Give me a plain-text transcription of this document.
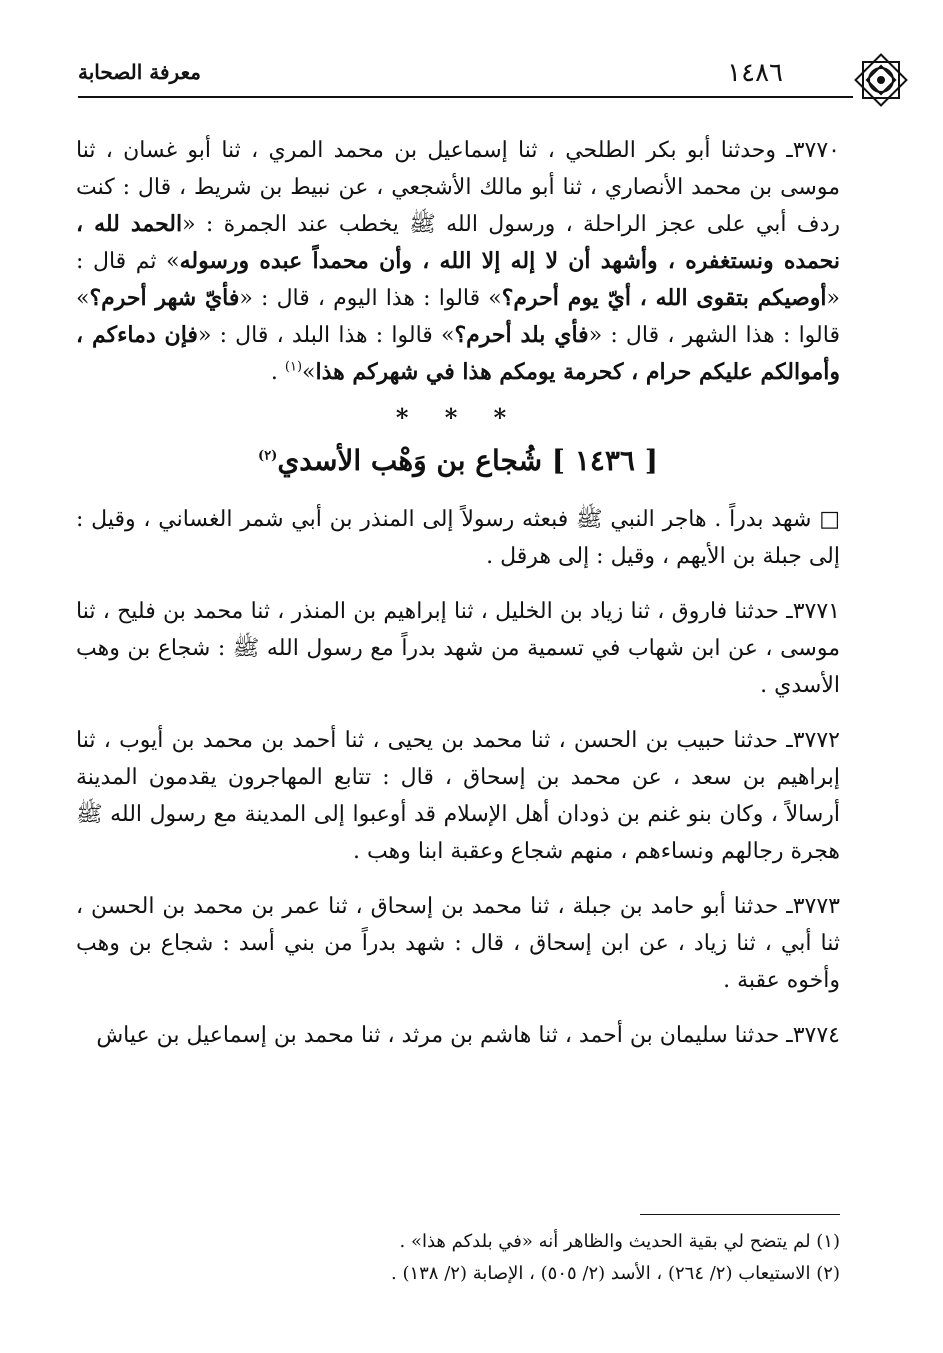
١٤٨٦
معرفة الصحابة

٣٧٧٠ـ وحدثنا أبو بكر الطلحي ، ثنا إسماعيل بن محمد المري ، ثنا أبو غسان ، ثنا موسى بن محمد الأنصاري ، ثنا أبو مالك الأشجعي ، عن نبيط بن شريط ، قال : كنت ردف أبي على عجز الراحلة ، ورسول الله ﷺ يخطب عند الجمرة : «الحمد لله ، نحمده ونستغفره ، وأشهد أن لا إله إلا الله ، وأن محمداً عبده ورسوله» ثم قال : «أوصيكم بتقوى الله ، أيّ يوم أحرم؟» قالوا : هذا اليوم ، قال : «فأيّ شهر أحرم؟» قالوا : هذا الشهر ، قال : «فأي بلد أحرم؟» قالوا : هذا البلد ، قال : «فإن دماءكم ، وأموالكم عليكم حرام ، كحرمة يومكم هذا في شهركم هذا»$^{(١)}$ .

* * *
[ ١٤٣٦ ] شُجاع بن وَهْب الأسدي$^{(٢)}$

□ شهد بدراً . هاجر النبي ﷺ فبعثه رسولاً إلى المنذر بن أبي شمر الغساني ، وقيل : إلى جبلة بن الأيهم ، وقيل : إلى هرقل .

٣٧٧١ـ حدثنا فاروق ، ثنا زياد بن الخليل ، ثنا إبراهيم بن المنذر ، ثنا محمد بن فليح ، ثنا موسى ، عن ابن شهاب في تسمية من شهد بدراً مع رسول الله ﷺ : شجاع بن وهب الأسدي .

٣٧٧٢ـ حدثنا حبيب بن الحسن ، ثنا محمد بن يحيى ، ثنا أحمد بن محمد بن أيوب ، ثنا إبراهيم بن سعد ، عن محمد بن إسحاق ، قال : تتابع المهاجرون يقدمون المدينة أرسالاً ، وكان بنو غنم بن ذودان أهل الإسلام قد أوعبوا إلى المدينة مع رسول الله ﷺ هجرة رجالهم ونساءهم ، منهم شجاع وعقبة ابنا وهب .

٣٧٧٣ـ حدثنا أبو حامد بن جبلة ، ثنا محمد بن إسحاق ، ثنا عمر بن محمد بن الحسن ، ثنا أبي ، ثنا زياد ، عن ابن إسحاق ، قال : شهد بدراً من بني أسد : شجاع بن وهب وأخوه عقبة .

٣٧٧٤ـ حدثنا سليمان بن أحمد ، ثنا هاشم بن مرثد ، ثنا محمد بن إسماعيل بن عياش

(١) لم يتضح لي بقية الحديث والظاهر أنه «في بلدكم هذا» .

(٢) الاستيعاب (٢/ ٢٦٤) ، الأسد (٢/ ٥٠٥) ، الإصابة (٢/ ١٣٨) .
